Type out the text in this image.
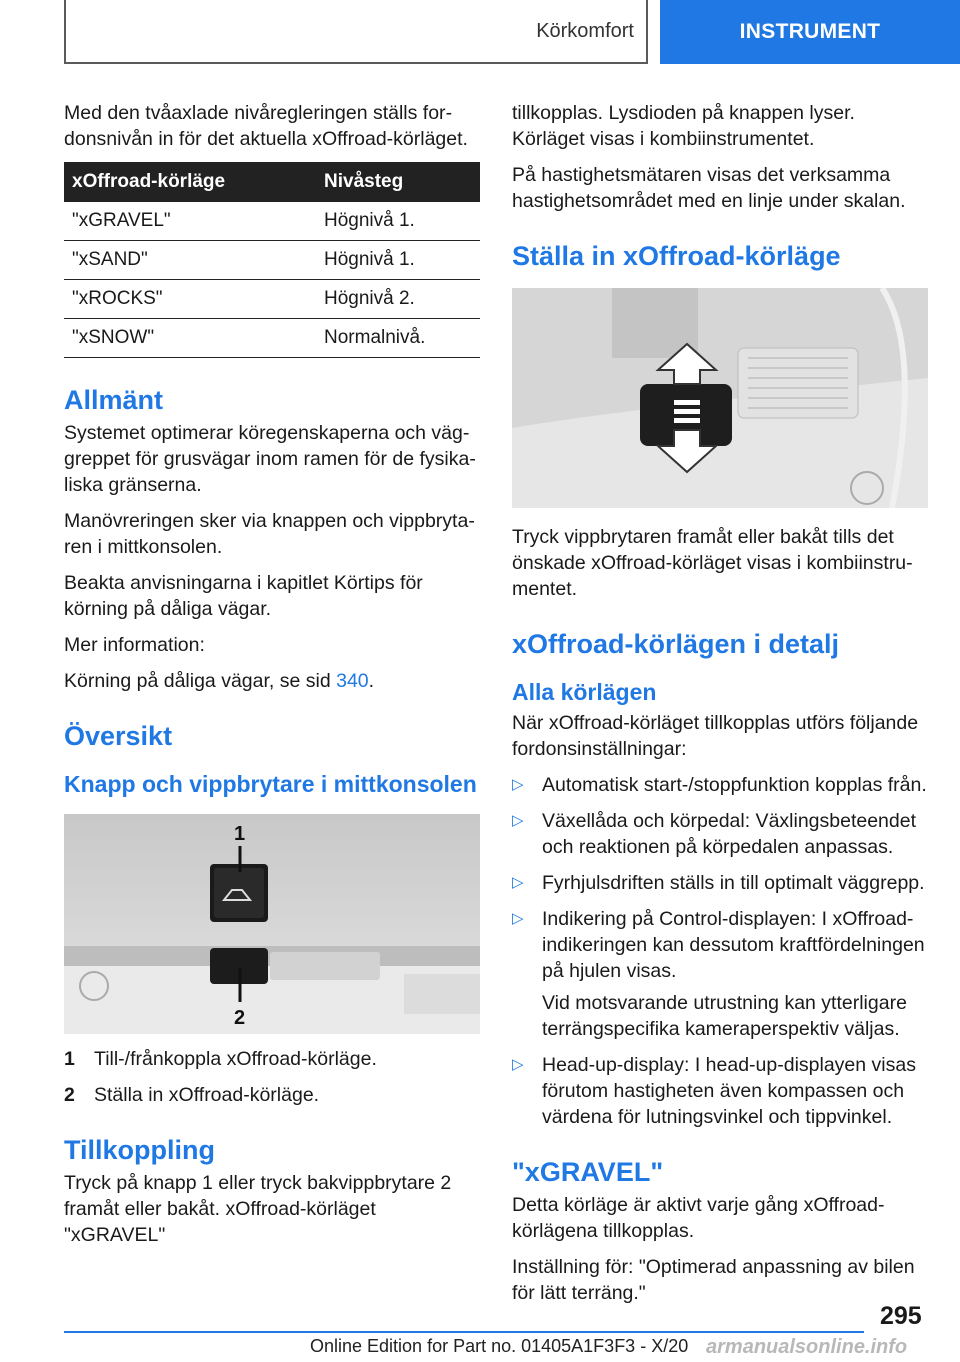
Körkomfort	INSTRUMENT

Med den tvåaxlade nivåregleringen ställs fordonsnivån in för det aktuella xOffroad-körläget.

xOffroad-körläge	Nivåsteg
"xGRAVEL"	Högnivå 1.
"xSAND"	Högnivå 1.
"xROCKS"	Högnivå 2.
"xSNOW"	Normalnivå.
Allmänt

Systemet optimerar köregenskaperna och väggreppet för grusvägar inom ramen för de fysikaliska gränserna.

Manövreringen sker via knappen och vippbrytaren i mittkonsolen.

Beakta anvisningarna i kapitlet Körtips för körning på dåliga vägar.

Mer information:

Körning på dåliga vägar, se sid 340.

Översikt
Knapp och vippbrytare i mittkonsolen
1
2
1 Till-/frånkoppla xOffroad-körläge.
2 Ställa in xOffroad-körläge.
Tillkoppling

Tryck på knapp 1 eller tryck bakvippbrytare 2 framåt eller bakåt. xOffroad-körläget "xGRAVEL"

tillkopplas. Lysdioden på knappen lyser. Körläget visas i kombiinstrumentet.

På hastighetsmätaren visas det verksamma hastighetsområdet med en linje under skalan.

Ställa in xOffroad-körläge

Tryck vippbrytaren framåt eller bakåt tills det önskade xOffroad-körläget visas i kombiinstrumentet.

xOffroad-körlägen i detalj
Alla körlägen

När xOffroad-körläget tillkopplas utförs följande fordonsinställningar:

▷ Automatisk start-/stoppfunktion kopplas från.
▷ Växellåda och körpedal: Växlingsbeteendet och reaktionen på körpedalen anpassas.
▷ Fyrhjulsdriften ställs in till optimalt väggrepp.
▷ Indikering på Control-displayen: I xOffroad-indikeringen kan dessutom kraftfördelningen på hjulen visas.
Vid motsvarande utrustning kan ytterligare terrängspecifika kameraperspektiv väljas.
▷ Head-up-display: I head-up-displayen visas förutom hastigheten även kompassen och värdena för lutningsvinkel och tippvinkel.
"xGRAVEL"

Detta körläge är aktivt varje gång xOffroad-körlägena tillkopplas.

Inställning för: "Optimerad anpassning av bilen för lätt terräng."

295
Online Edition for Part no. 01405A1F3F3 - X/20 armanualsonline.info
